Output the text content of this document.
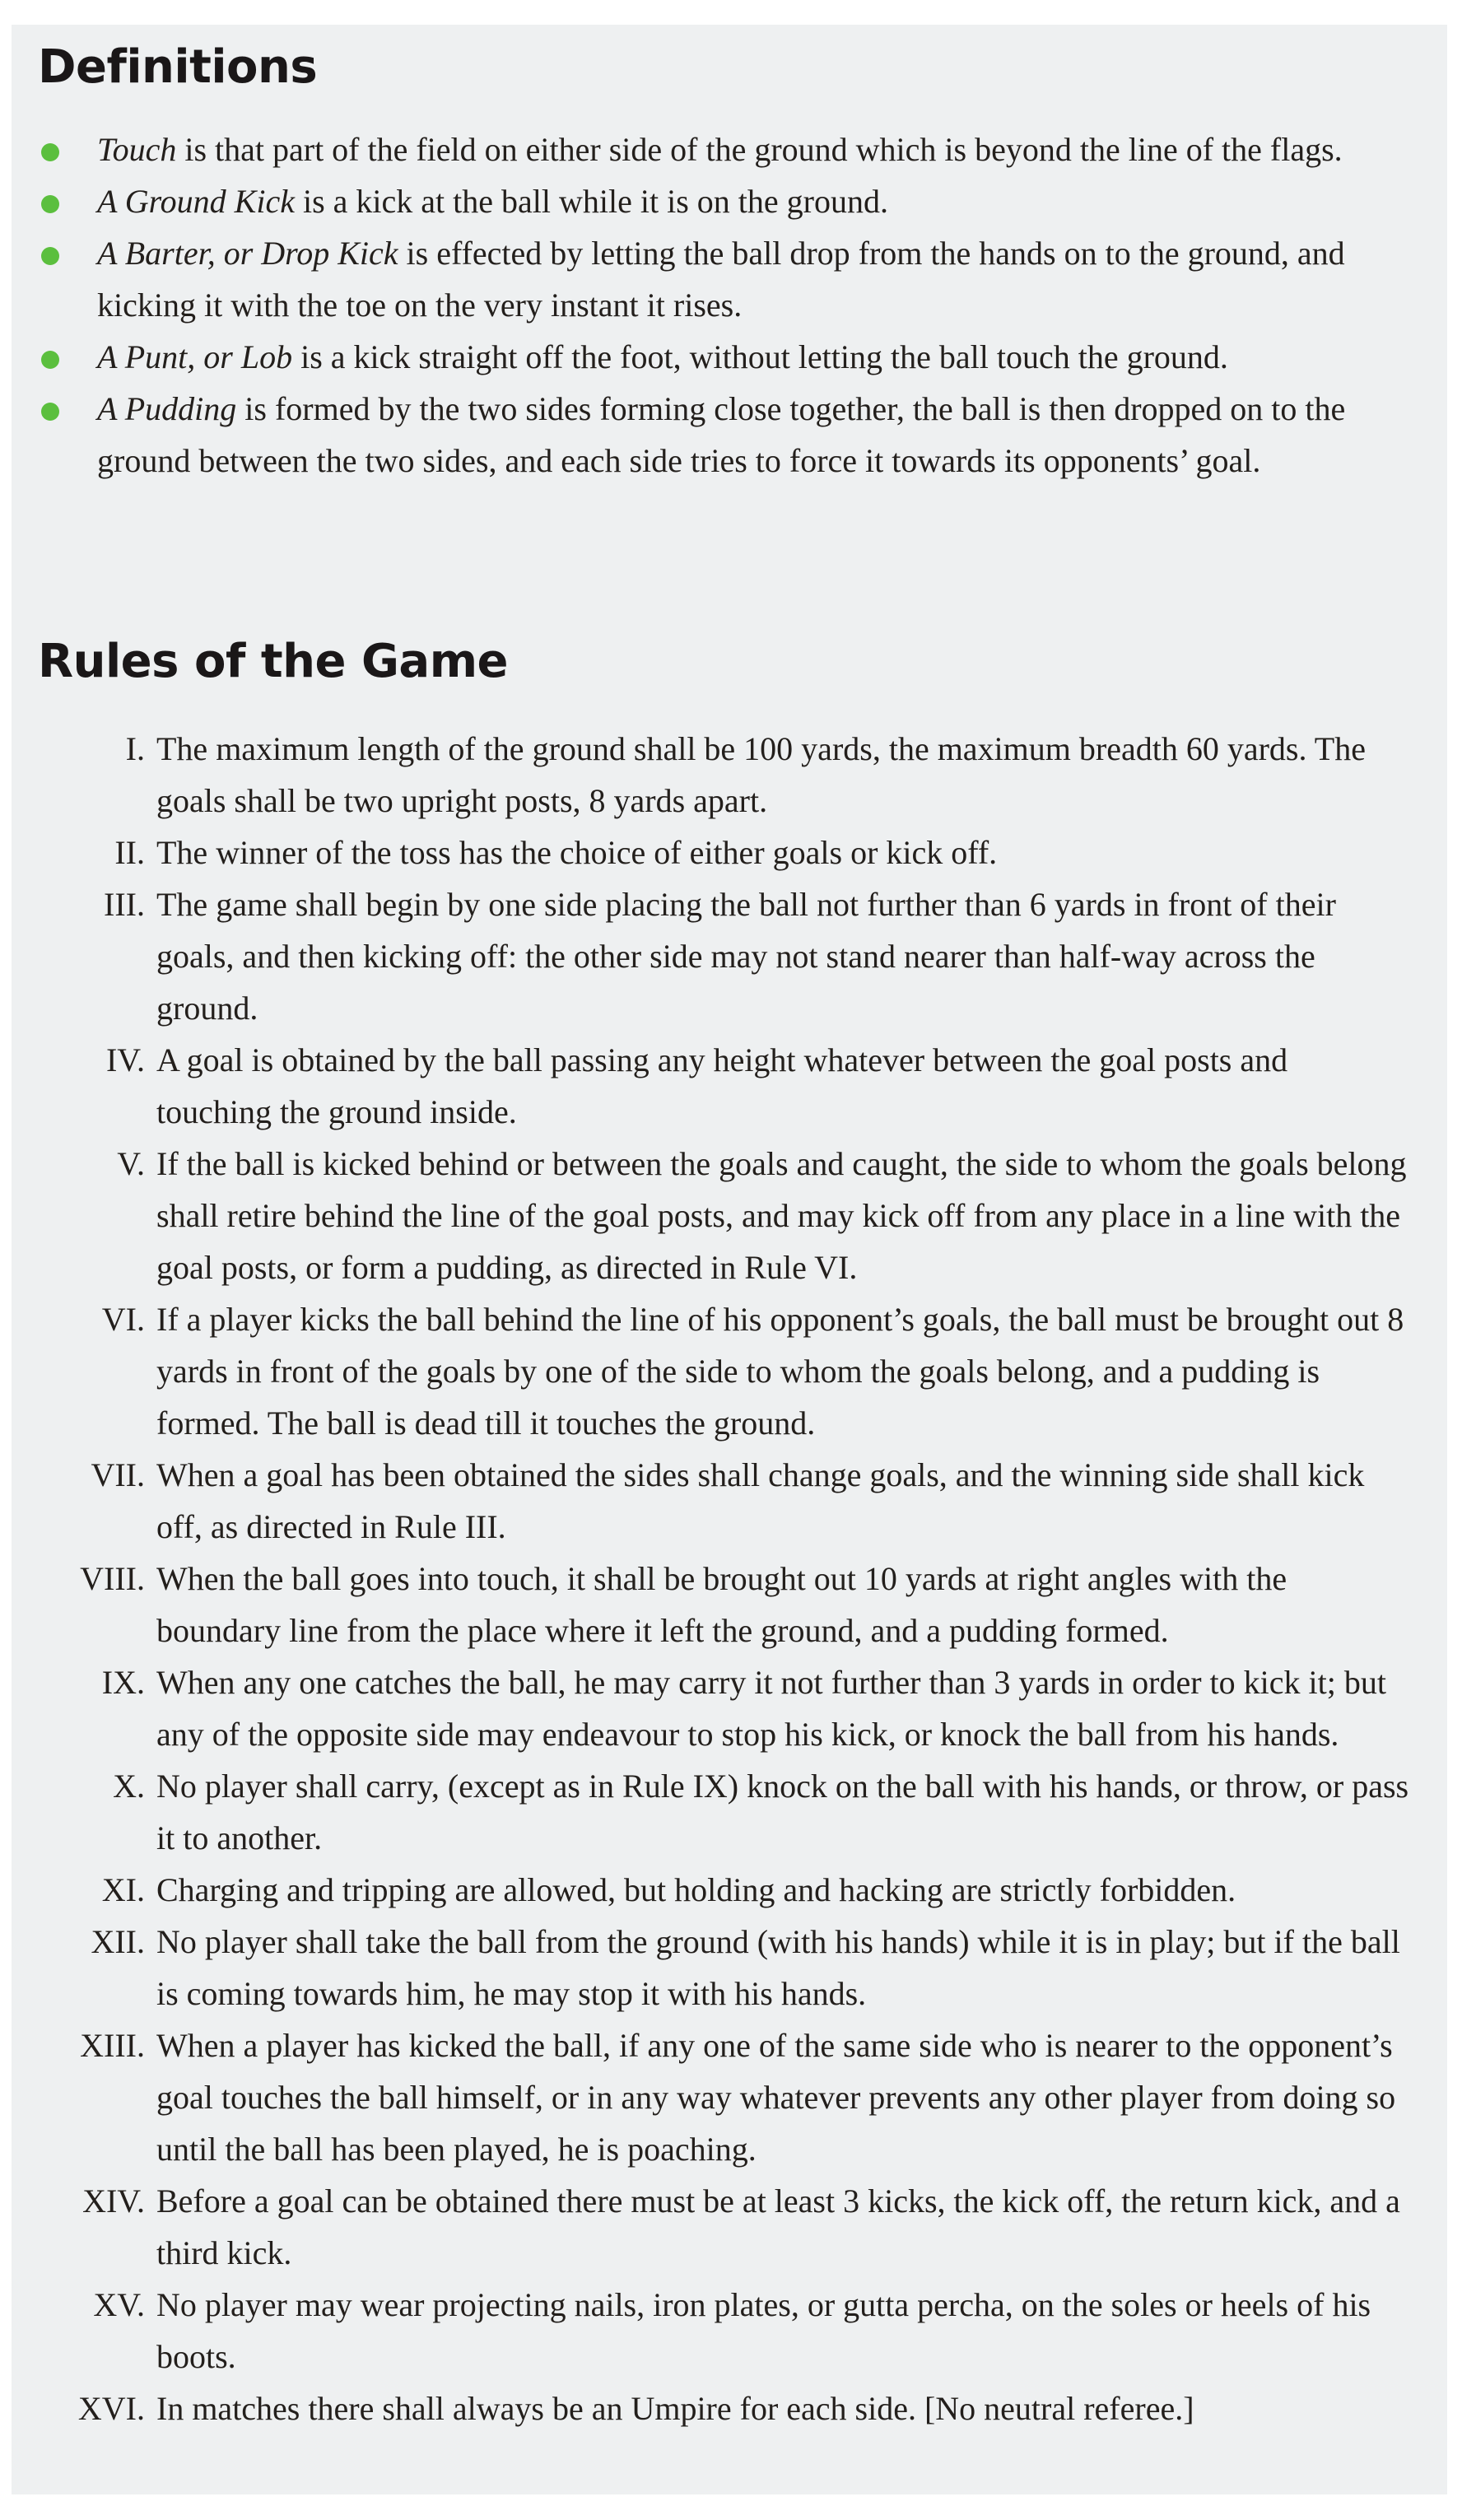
Definitions
Touch is that part of the field on either side of the ground which is beyond the line of the flags.
A Ground Kick is a kick at the ball while it is on the ground.
A Barter, or Drop Kick is effected by letting the ball drop from the hands on to the ground, and kicking it with the toe on the very instant it rises.
A Punt, or Lob is a kick straight off the foot, without letting the ball touch the ground.
A Pudding is formed by the two sides forming close together, the ball is then dropped on to the ground between the two sides, and each side tries to force it towards its opponents’ goal.
Rules of the Game
I. The maximum length of the ground shall be 100 yards, the maximum breadth 60 yards. The goals shall be two upright posts, 8 yards apart.
II. The winner of the toss has the choice of either goals or kick off.
III. The game shall begin by one side placing the ball not further than 6 yards in front of their goals, and then kicking off: the other side may not stand nearer than half-way across the ground.
IV. A goal is obtained by the ball passing any height whatever between the goal posts and touching the ground inside.
V. If the ball is kicked behind or between the goals and caught, the side to whom the goals belong shall retire behind the line of the goal posts, and may kick off from any place in a line with the goal posts, or form a pudding, as directed in Rule VI.
VI. If a player kicks the ball behind the line of his opponent’s goals, the ball must be brought out 8 yards in front of the goals by one of the side to whom the goals belong, and a pudding is formed. The ball is dead till it touches the ground.
VII. When a goal has been obtained the sides shall change goals, and the winning side shall kick off, as directed in Rule III.
VIII. When the ball goes into touch, it shall be brought out 10 yards at right angles with the boundary line from the place where it left the ground, and a pudding formed.
IX. When any one catches the ball, he may carry it not further than 3 yards in order to kick it; but any of the opposite side may endeavour to stop his kick, or knock the ball from his hands.
X. No player shall carry, (except as in Rule IX) knock on the ball with his hands, or throw, or pass it to another.
XI. Charging and tripping are allowed, but holding and hacking are strictly forbidden.
XII. No player shall take the ball from the ground (with his hands) while it is in play; but if the ball is coming towards him, he may stop it with his hands.
XIII. When a player has kicked the ball, if any one of the same side who is nearer to the opponent’s goal touches the ball himself, or in any way whatever prevents any other player from doing so until the ball has been played, he is poaching.
XIV. Before a goal can be obtained there must be at least 3 kicks, the kick off, the return kick, and a third kick.
XV. No player may wear projecting nails, iron plates, or gutta percha, on the soles or heels of his boots.
XVI. In matches there shall always be an Umpire for each side. [No neutral referee.]
